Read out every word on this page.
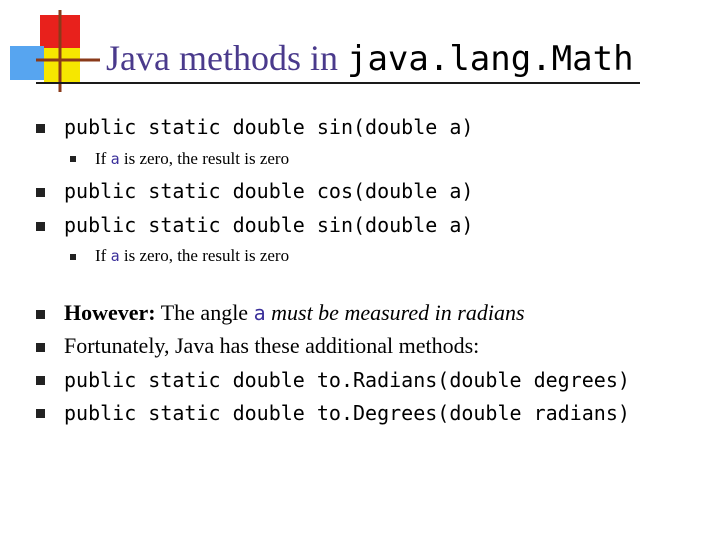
Java methods in java.lang.Math
public static double sin(double a)
If a is zero, the result is zero
public static double cos(double a)
public static double sin(double a)
If a is zero, the result is zero
However: The angle a must be measured in radians
Fortunately, Java has these additional methods:
public static double to.Radians(double degrees)
public static double to.Degrees(double radians)
